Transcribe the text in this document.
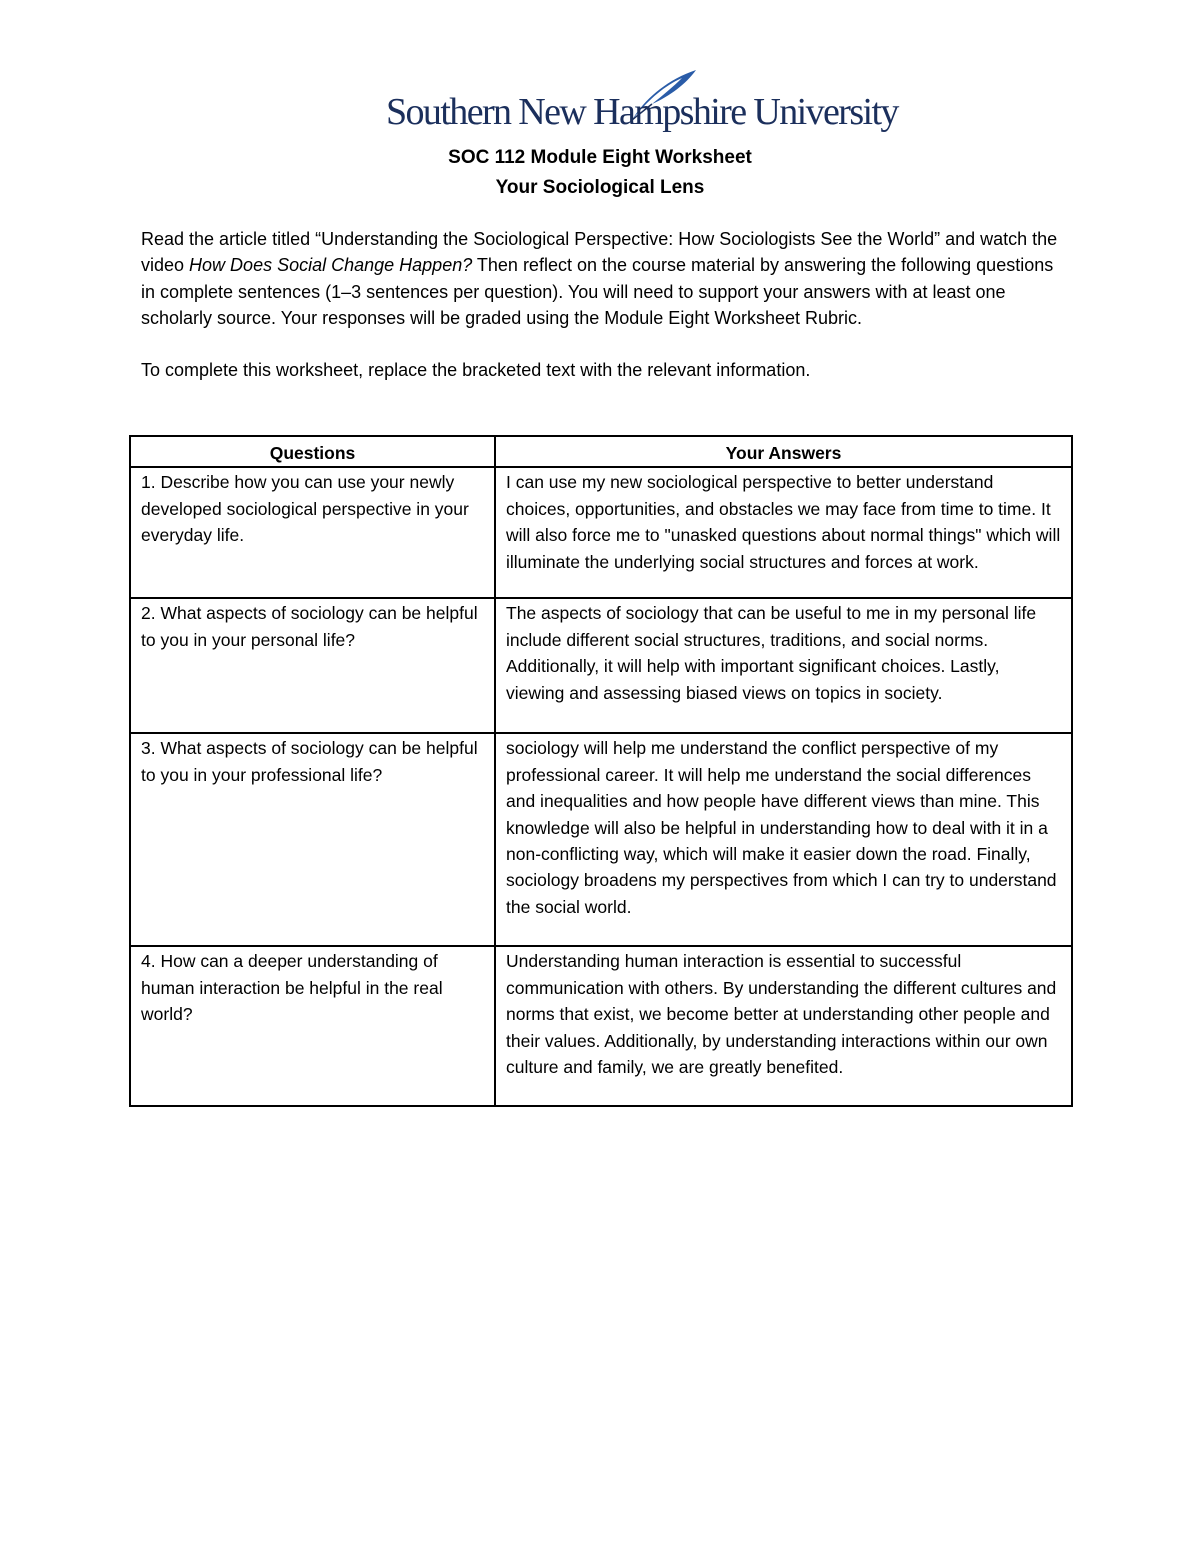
Southern New Hampshire University
SOC 112 Module Eight Worksheet
Your Sociological Lens

Read the article titled “Understanding the Sociological Perspective: How Sociologists See the World” and watch the video How Does Social Change Happen? Then reflect on the course material by answering the following questions in complete sentences (1–3 sentences per question). You will need to support your answers with at least one scholarly source. Your responses will be graded using the Module Eight Worksheet Rubric.

To complete this worksheet, replace the bracketed text with the relevant information.

Questions	Your Answers
1. Describe how you can use your newly developed sociological perspective in your everyday life.	I can use my new sociological perspective to better understand choices, opportunities, and obstacles we may face from time to time. It will also force me to "unasked questions about normal things" which will illuminate the underlying social structures and forces at work.
2. What aspects of sociology can be helpful to you in your personal life?	The aspects of sociology that can be useful to me in my personal life include different social structures, traditions, and social norms. Additionally, it will help with important significant choices. Lastly, viewing and assessing biased views on topics in society.
3. What aspects of sociology can be helpful to you in your professional life?	sociology will help me understand the conflict perspective of my professional career. It will help me understand the social differences and inequalities and how people have different views than mine. This knowledge will also be helpful in understanding how to deal with it in a non-conflicting way, which will make it easier down the road. Finally, sociology broadens my perspectives from which I can try to understand the social world.
4. How can a deeper understanding of human interaction be helpful in the real world?	Understanding human interaction is essential to successful communication with others. By understanding the different cultures and norms that exist, we become better at understanding other people and their values. Additionally, by understanding interactions within our own culture and family, we are greatly benefited.
